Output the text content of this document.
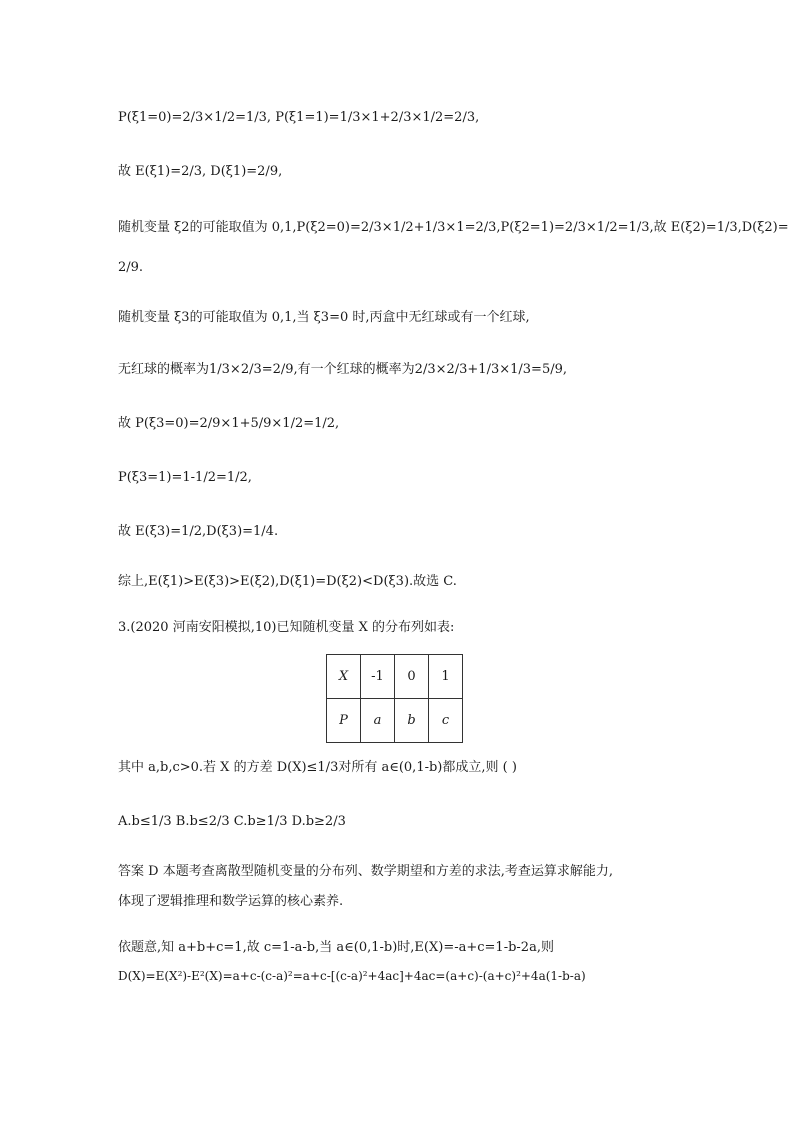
P(ξ1=0)=2/3×1/2=1/3, P(ξ1=1)=1/3×1+2/3×1/2=2/3,
故 E(ξ1)=2/3, D(ξ1)=2/9,
随机变量 ξ2的可能取值为 0,1,P(ξ2=0)=2/3×1/2+1/3×1=2/3,P(ξ2=1)=2/3×1/2=1/3,故 E(ξ2)=1/3,D(ξ2)=
2/9.
随机变量 ξ3的可能取值为 0,1,当 ξ3=0 时,丙盒中无红球或有一个红球,
无红球的概率为1/3×2/3=2/9,有一个红球的概率为2/3×2/3+1/3×1/3=5/9,
故 P(ξ3=0)=2/9×1+5/9×1/2=1/2,
P(ξ3=1)=1-1/2=1/2,
故 E(ξ3)=1/2,D(ξ3)=1/4.
综上,E(ξ1)>E(ξ3)>E(ξ2),D(ξ1)=D(ξ2)<D(ξ3).故选 C.
3.(2020 河南安阳模拟,10)已知随机变量 X 的分布列如表:
X	-1	0	1
P	a	b	c
其中 a,b,c>0.若 X 的方差 D(X)≤1/3对所有 a∈(0,1-b)都成立,则 ( )
A.b≤1/3 B.b≤2/3 C.b≥1/3 D.b≥2/3
答案 D 本题考查离散型随机变量的分布列、数学期望和方差的求法,考查运算求解能力,
体现了逻辑推理和数学运算的核心素养.
依题意,知 a+b+c=1,故 c=1-a-b,当 a∈(0,1-b)时,E(X)=-a+c=1-b-2a,则
D(X)=E(X²)-E²(X)=a+c-(c-a)²=a+c-[(c-a)²+4ac]+4ac=(a+c)-(a+c)²+4a(1-b-a)
